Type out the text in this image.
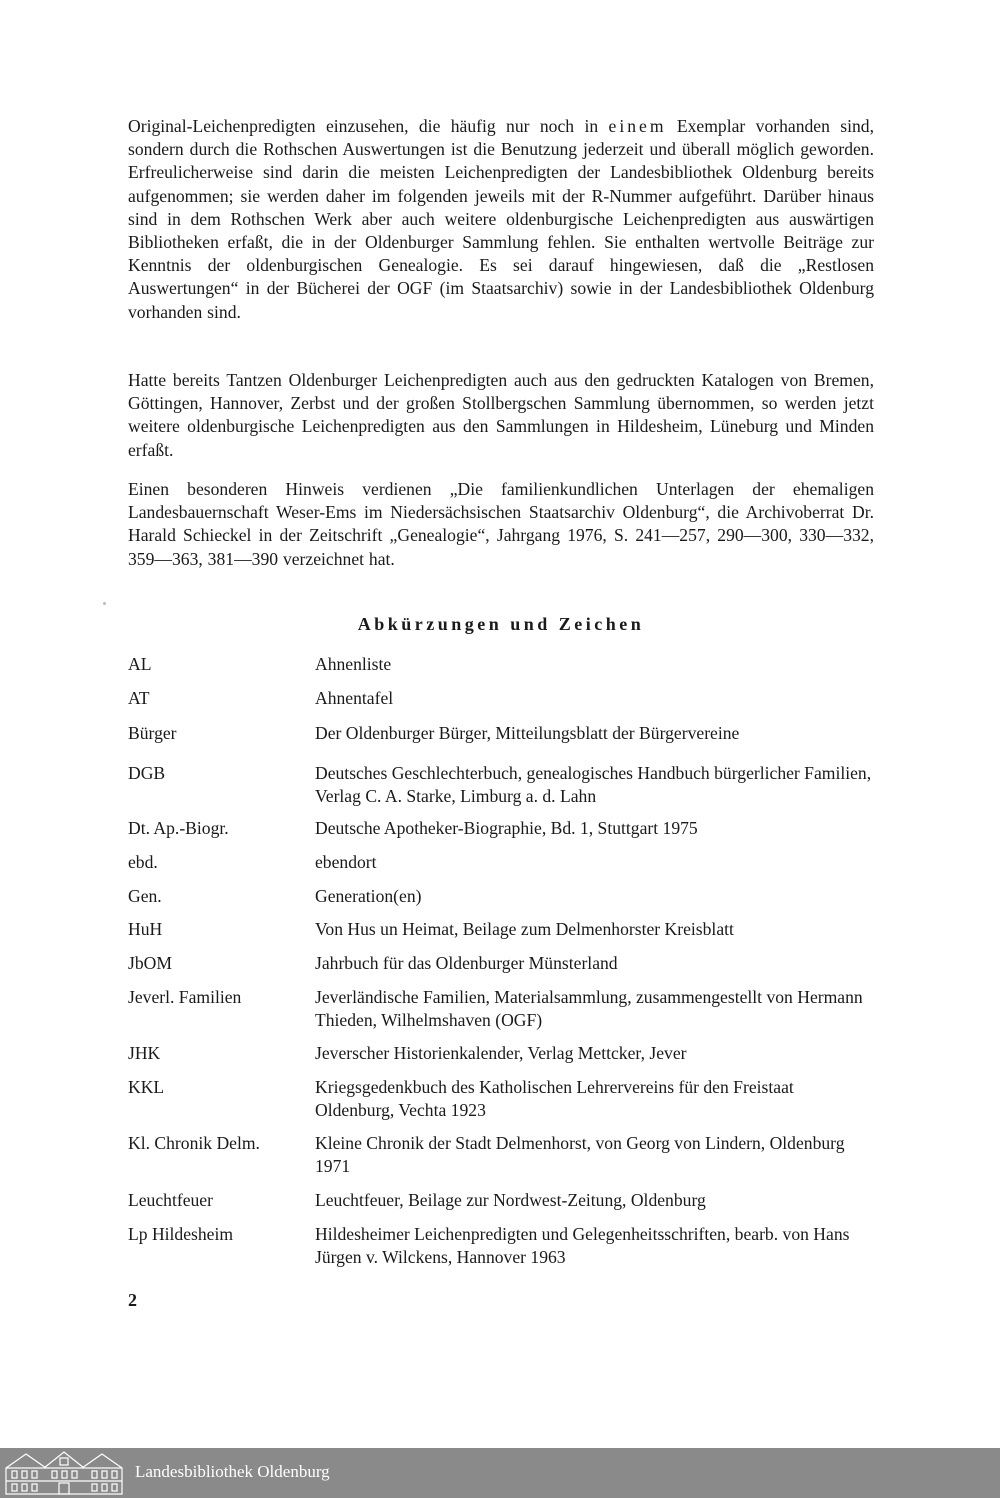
Original-Leichenpredigten einzusehen, die häufig nur noch in einem Exemplar vorhanden sind, sondern durch die Rothschen Auswertungen ist die Benutzung jederzeit und überall möglich geworden. Erfreulicherweise sind darin die meisten Leichenpredigten der Landesbibliothek Oldenburg bereits aufgenommen; sie werden daher im folgenden jeweils mit der R-Nummer aufgeführt. Darüber hinaus sind in dem Rothschen Werk aber auch weitere oldenburgische Leichenpredigten aus auswärtigen Bibliotheken erfaßt, die in der Oldenburger Sammlung fehlen. Sie enthalten wertvolle Beiträge zur Kenntnis der oldenburgischen Genealogie. Es sei darauf hingewiesen, daß die „Restlosen Auswertungen“ in der Bücherei der OGF (im Staatsarchiv) sowie in der Landesbibliothek Oldenburg vorhanden sind.

Hatte bereits Tantzen Oldenburger Leichenpredigten auch aus den gedruckten Katalogen von Bremen, Göttingen, Hannover, Zerbst und der großen Stollbergschen Sammlung übernommen, so werden jetzt weitere oldenburgische Leichenpredigten aus den Sammlungen in Hildesheim, Lüneburg und Minden erfaßt.

Einen besonderen Hinweis verdienen „Die familienkundlichen Unterlagen der ehemaligen Landesbauernschaft Weser-Ems im Niedersächsischen Staatsarchiv Oldenburg“, die Archivoberrat Dr. Harald Schieckel in der Zeitschrift „Genealogie“, Jahrgang 1976, S. 241—257, 290—300, 330—332, 359—363, 381—390 verzeichnet hat.

Abkürzungen und Zeichen
AL	Ahnenliste
AT	Ahnentafel
Bürger	Der Oldenburger Bürger, Mitteilungsblatt der Bürgervereine
DGB	Deutsches Geschlechterbuch, genealogisches Handbuch bürgerlicher Familien, Verlag C. A. Starke, Limburg a. d. Lahn
Dt. Ap.-Biogr.	Deutsche Apotheker-Biographie, Bd. 1, Stuttgart 1975
ebd.	ebendort
Gen.	Generation(en)
HuH	Von Hus un Heimat, Beilage zum Delmenhorster Kreisblatt
JbOM	Jahrbuch für das Oldenburger Münsterland
Jeverl. Familien	Jeverländische Familien, Materialsammlung, zusammengestellt von Hermann Thieden, Wilhelmshaven (OGF)
JHK	Jeverscher Historienkalender, Verlag Mettcker, Jever
KKL	Kriegsgedenkbuch des Katholischen Lehrervereins für den Freistaat Oldenburg, Vechta 1923
Kl. Chronik Delm.	Kleine Chronik der Stadt Delmenhorst, von Georg von Lindern, Oldenburg 1971
Leuchtfeuer	Leuchtfeuer, Beilage zur Nordwest-Zeitung, Oldenburg
Lp Hildesheim	Hildesheimer Leichenpredigten und Gelegenheitsschriften, bearb. von Hans Jürgen v. Wilckens, Hannover 1963
2
Landesbibliothek Oldenburg
